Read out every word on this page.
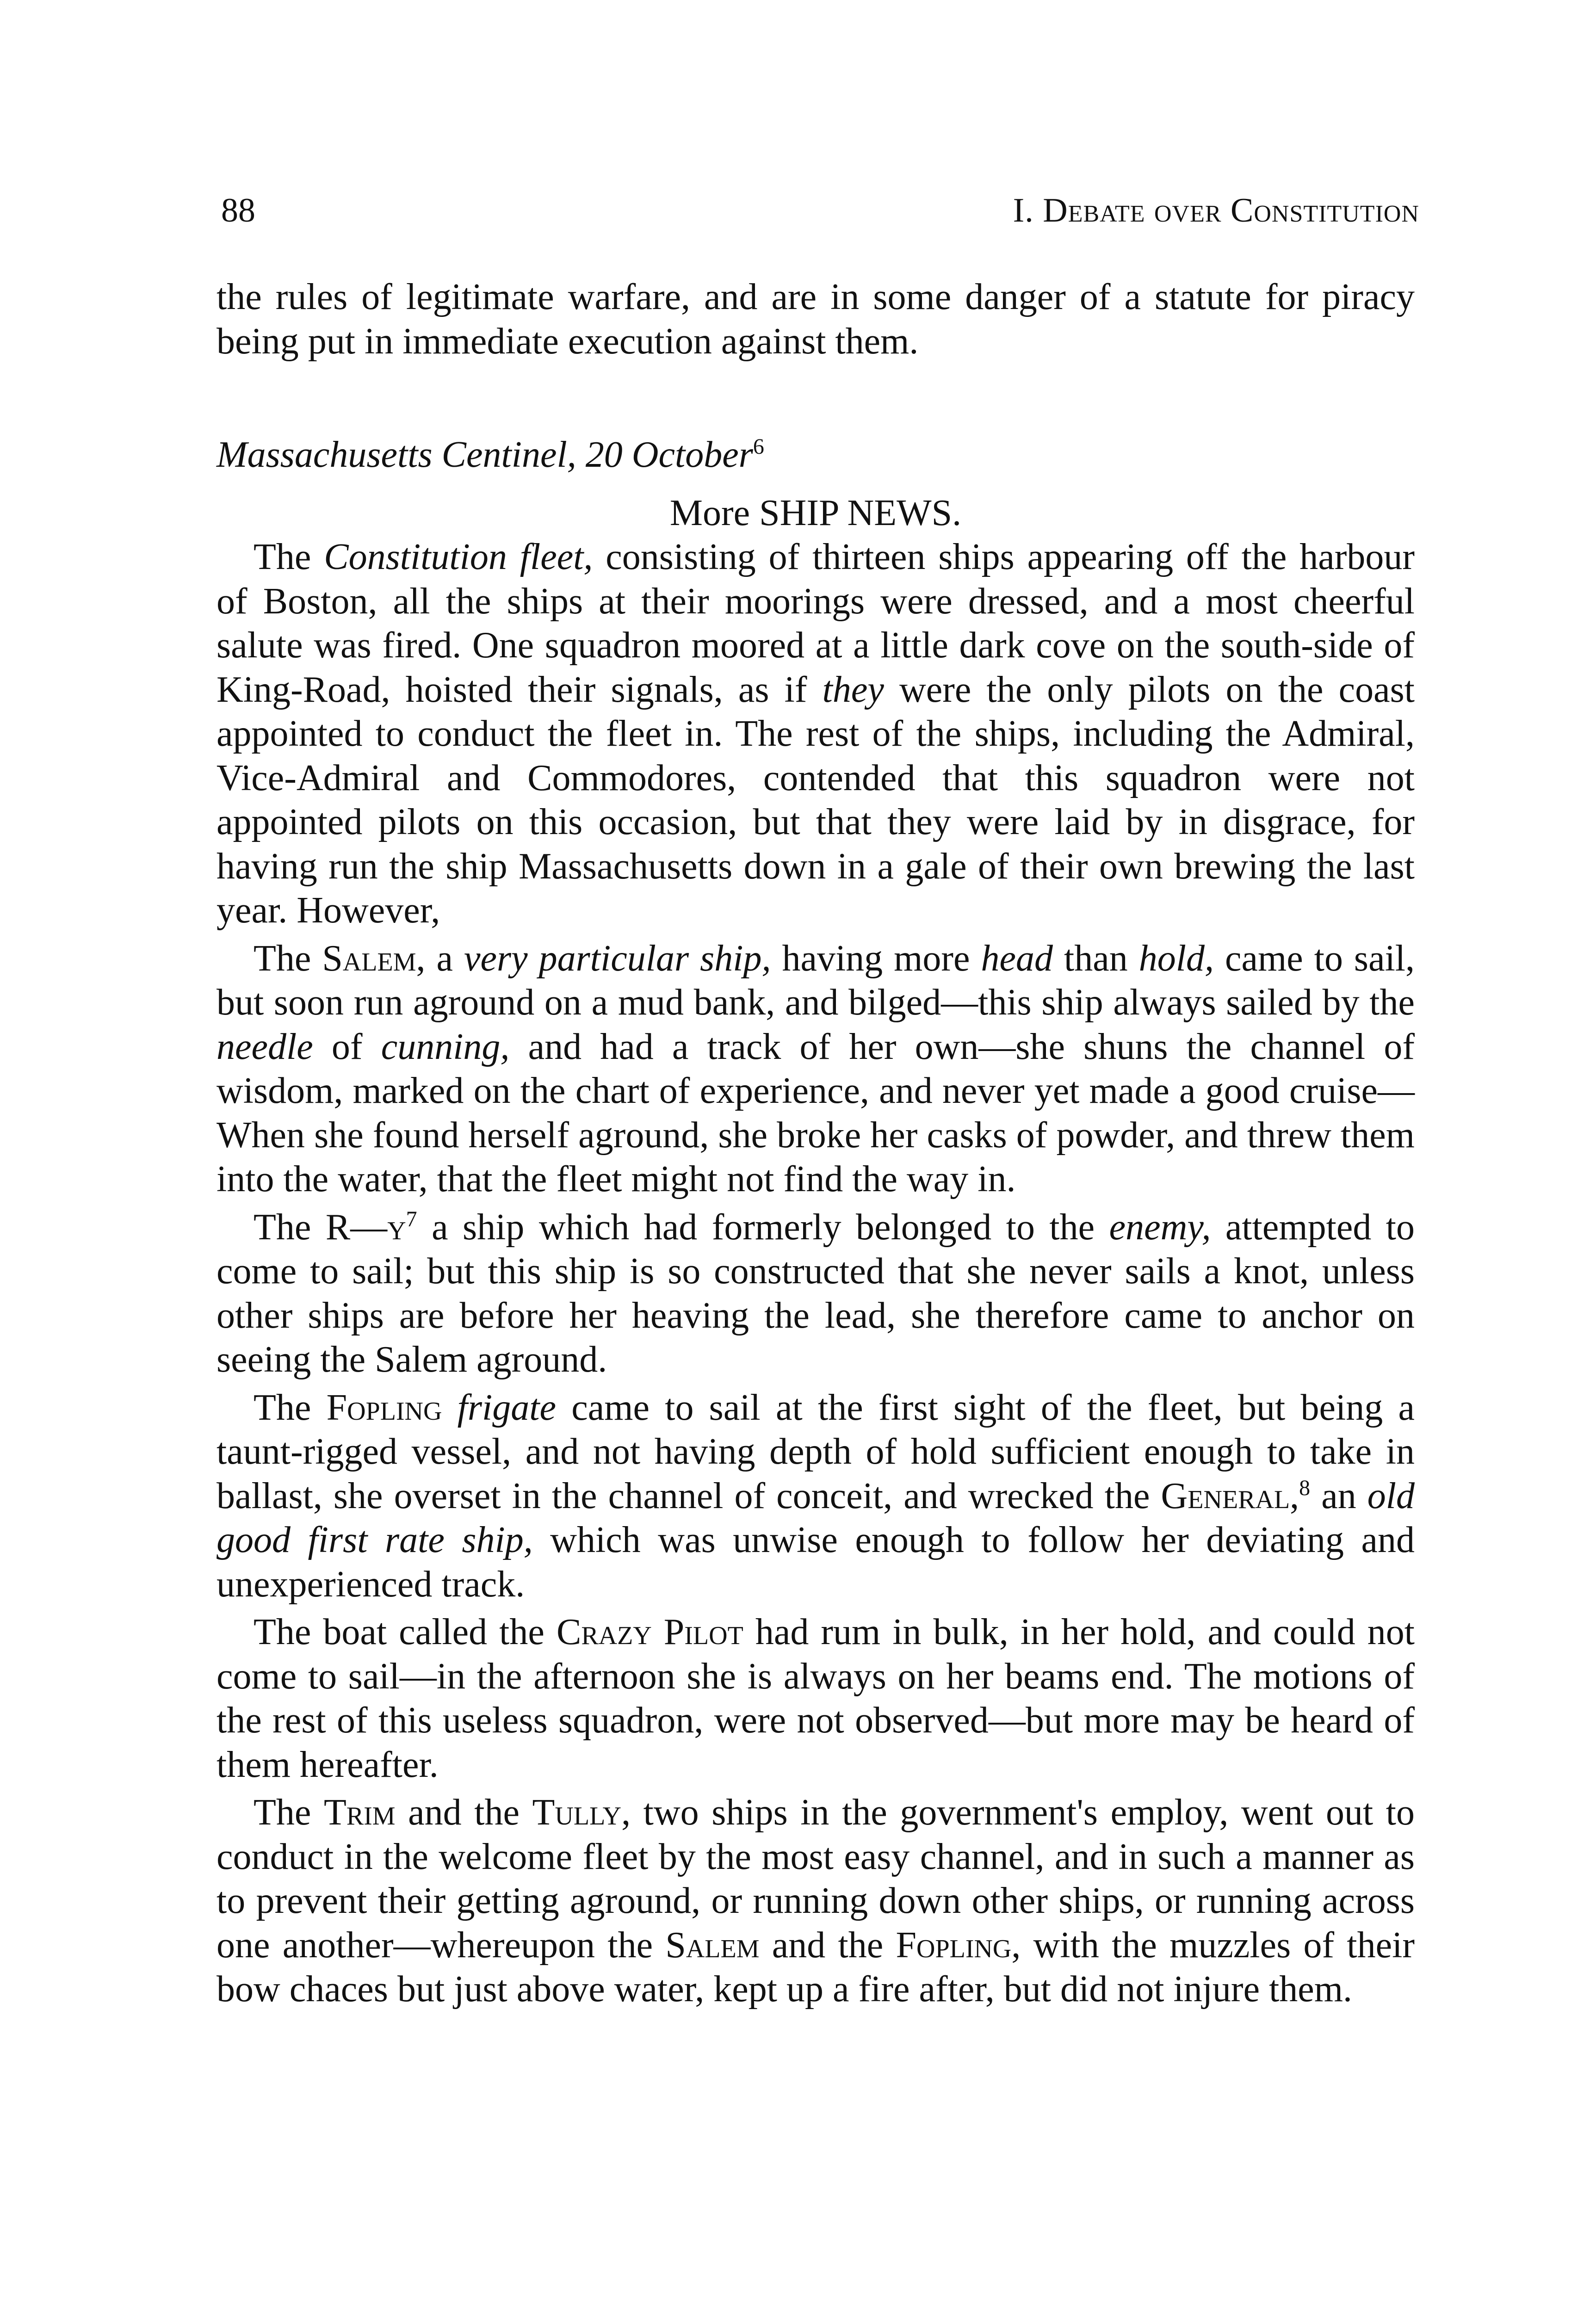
88	I. Debate over Constitution

the rules of legitimate warfare, and are in some danger of a statute for piracy being put in immediate execution against them.

Massachusetts Centinel, 20 October$^6$

More SHIP NEWS.

The Constitution fleet, consisting of thirteen ships appearing off the harbour of Boston, all the ships at their moorings were dressed, and a most cheerful salute was fired. One squadron moored at a little dark cove on the south-side of King-Road, hoisted their signals, as if they were the only pilots on the coast appointed to conduct the fleet in. The rest of the ships, including the Admiral, Vice-Admiral and Commodores, contended that this squadron were not appointed pilots on this occasion, but that they were laid by in disgrace, for having run the ship Massachusetts down in a gale of their own brewing the last year. However,

The Salem, a very particular ship, having more head than hold, came to sail, but soon run aground on a mud bank, and bilged—this ship always sailed by the needle of cunning, and had a track of her own—she shuns the channel of wisdom, marked on the chart of experience, and never yet made a good cruise—When she found herself aground, she broke her casks of powder, and threw them into the water, that the fleet might not find the way in.

The $R—y^7$ a ship which had formerly belonged to the enemy, attempted to come to sail; but this ship is so constructed that she never sails a knot, unless other ships are before her heaving the lead, she therefore came to anchor on seeing the Salem aground.

The Fopling frigate came to sail at the first sight of the fleet, but being a taunt-rigged vessel, and not having depth of hold sufficient enough to take in ballast, she overset in the channel of conceit, and wrecked the General,$^8$ an old good first rate ship, which was unwise enough to follow her deviating and unexperienced track.

The boat called the Crazy Pilot had rum in bulk, in her hold, and could not come to sail—in the afternoon she is always on her beams end. The motions of the rest of this useless squadron, were not observed—but more may be heard of them hereafter.

The Trim and the Tully, two ships in the government's employ, went out to conduct in the welcome fleet by the most easy channel, and in such a manner as to prevent their getting aground, or running down other ships, or running across one another—whereupon the Salem and the Fopling, with the muzzles of their bow chaces but just above water, kept up a fire after, but did not injure them.
